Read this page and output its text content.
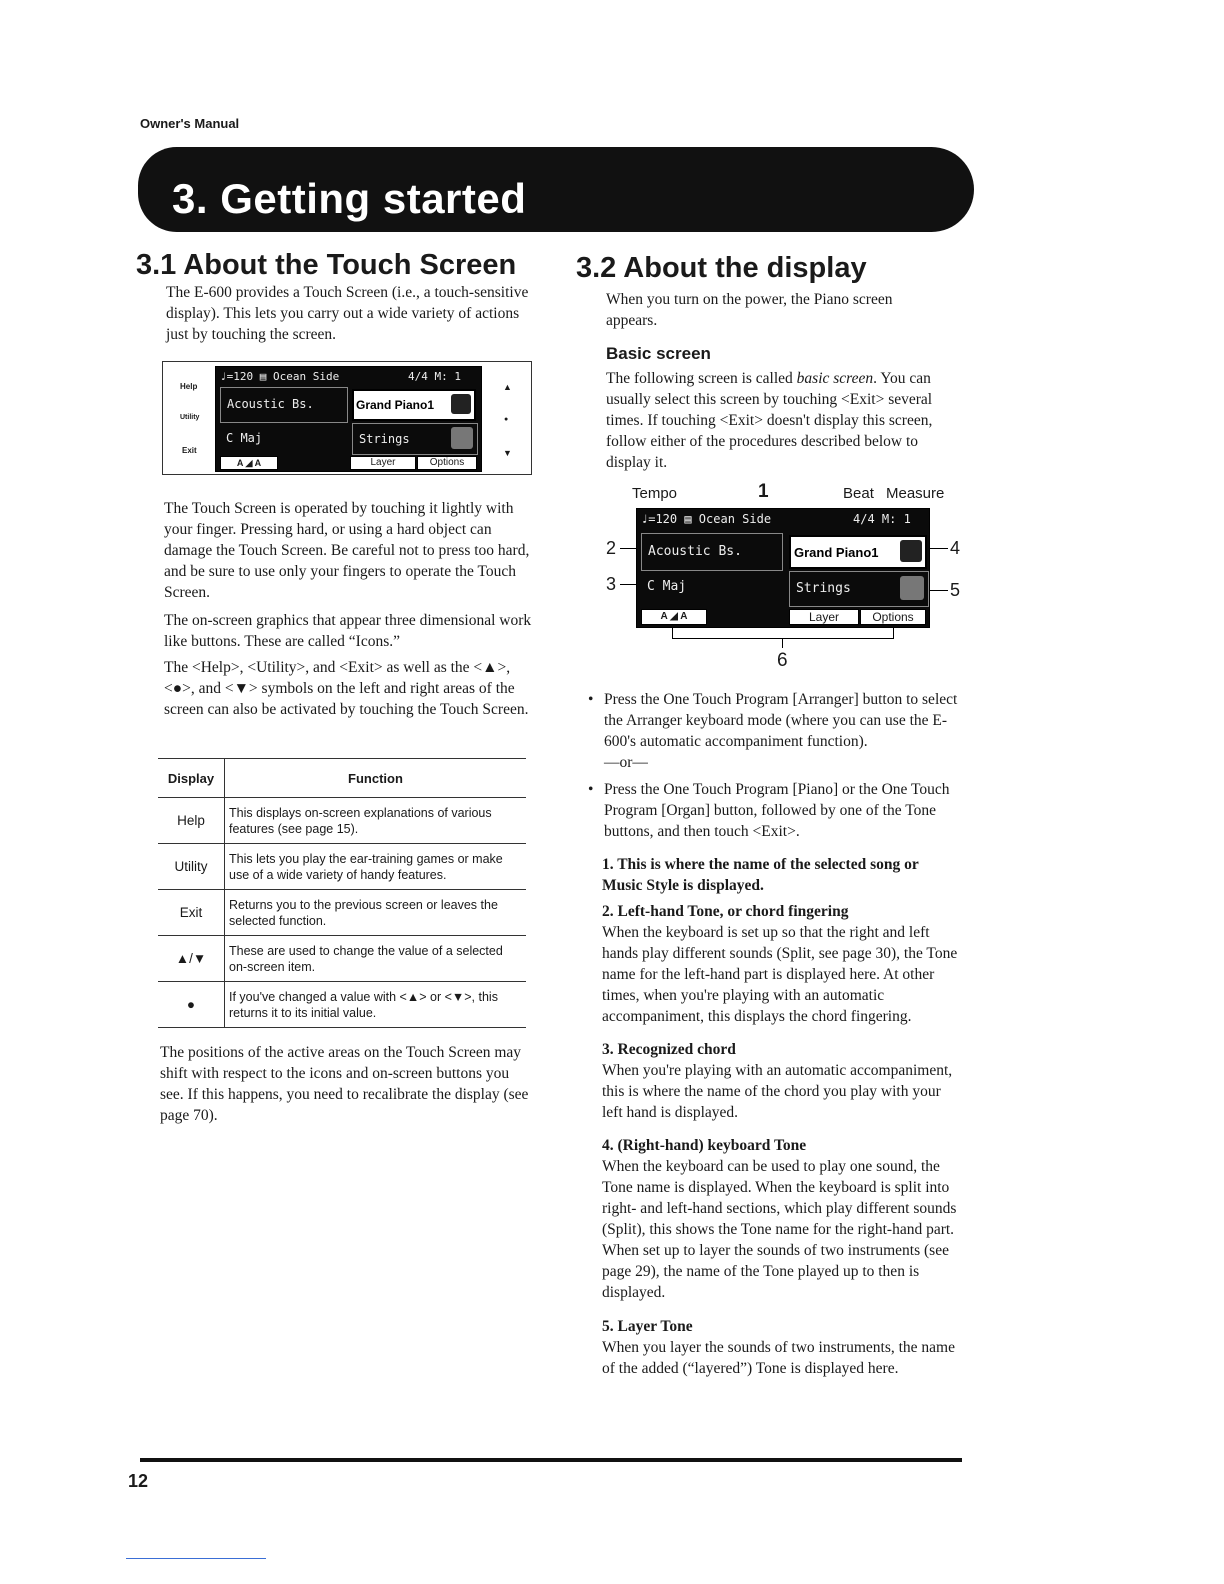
Owner's Manual
3. Getting started
3.1 About the Touch Screen

The E-600 provides a Touch Screen (i.e., a touch-sensitive display). This lets you carry out a wide variety of actions just by touching the screen.

Help
Utility
Exit
▲
●
▼
♩=120 ▤ Ocean Side	4/4 M: 1
Acoustic Bs.
C Maj
Grand Piano1
Strings
A ◢ A	Layer	Options

The Touch Screen is operated by touching it lightly with your finger. Pressing hard, or using a hard object can damage the Touch Screen. Be careful not to press too hard, and be sure to use only your fingers to operate the Touch Screen.

The on-screen graphics that appear three dimensional work like buttons. These are called “Icons.”

The <Help>, <Utility>, and <Exit> as well as the <▲>, <●>, and <▼> symbols on the left and right areas of the screen can also be activated by touching the Touch Screen.

Display	Function
Help	This displays on-screen explanations of various features (see page 15).
Utility	This lets you play the ear-training games or make use of a wide variety of handy features.
Exit	Returns you to the previous screen or leaves the selected function.
▲/▼	These are used to change the value of a selected on-screen item.
●	If you've changed a value with <▲> or <▼>, this returns it to its initial value.

The positions of the active areas on the Touch Screen may shift with respect to the icons and on-screen buttons you see. If this happens, you need to recalibrate the display (see page 70).

3.2 About the display

When you turn on the power, the Piano screen appears.

Basic screen

The following screen is called basic screen. You can usually select this screen by touching <Exit> several times. If touching <Exit> doesn't display this screen, follow either of the procedures described below to display it.

Tempo	1	Beat Measure
2
3
4
5
6
♩=120 ▤ Ocean Side	4/4 M: 1
Acoustic Bs.
C Maj
Grand Piano1
Strings
A ◢ A	Layer	Options
• Press the One Touch Program [Arranger] button to select the Arranger keyboard mode (where you can use the E-600's automatic accompaniment function).

—or—
• Press the One Touch Program [Piano] or the One Touch Program [Organ] button, followed by one of the Tone buttons, and then touch <Exit>.

1. This is where the name of the selected song or Music Style is displayed.

2. Left-hand Tone, or chord fingering

When the keyboard is set up so that the right and left hands play different sounds (Split, see page 30), the Tone name for the left-hand part is displayed here. At other times, when you're playing with an automatic accompaniment, this displays the chord fingering.

3. Recognized chord

When you're playing with an automatic accompaniment, this is where the name of the chord you play with your left hand is displayed.

4. (Right-hand) keyboard Tone

When the keyboard can be used to play one sound, the Tone name is displayed. When the keyboard is split into right- and left-hand sections, which play different sounds (Split), this shows the Tone name for the right-hand part. When set up to layer the sounds of two instruments (see page 29), the name of the Tone played up to then is displayed.

5. Layer Tone

When you layer the sounds of two instruments, the name of the added (“layered”) Tone is displayed here.

12
